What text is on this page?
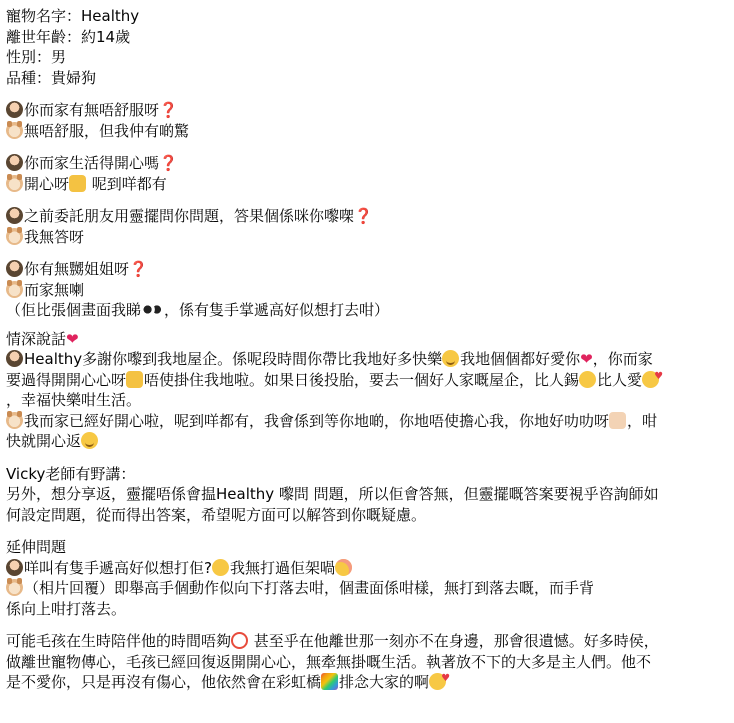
寵物名字：Healthy
離世年齡：約14歲
性別：男
品種：貴婦狗
你而家有無唔舒服呀❓
無唔舒服，但我仲有啲驚
你而家生活得開心嗎❓
開心呀 呢到咩都有
之前委託朋友用靈擺問你問題，答果個係咪你嚟㗎❓
我無答呀
你有無嬲姐姐呀❓
而家無喇
（佢比張個畫面我睇 ，係有隻手掌遞高好似想打去咁）
情深說話❤
Healthy多謝你嚟到我地屋企。係呢段時間你帶比我地好多快樂 我地個個都好愛你❤，你而家
要過得開開心心呀 唔使掛住我地啦。如果日後投胎，要去一個好人家嘅屋企，比人錫 比人愛♥
，幸福快樂咁生活。
我而家已經好開心啦，呢到咩都有，我會係到等你地啲，你地唔使擔心我，你地好叻叻呀 ，咁
快就開心返
Vicky老師有野講：
另外，想分享返，靈擺唔係會揾Healthy 嚟問 問題，所以佢會答無，但靈擺嘅答案要視乎咨詢師如
何設定問題，從而得出答案，希望呢方面可以解答到你嘅疑慮。
延伸問題
咩叫有隻手遞高好似想打佢? 我無打過佢架喎
（相片回覆）即舉高手個動作似向下打落去咁，個畫面係咁樣，無打到落去嘅，而手背
係向上咁打落去。
可能毛孩在生時陪伴他的時間唔夠 甚至乎在他離世那一刻亦不在身邊，那會很遺憾。好多時侯，
做離世寵物傳心，毛孩已經回復返開開心心，無牽無掛嘅生活。執著放不下的大多是主人們。他不
是不愛你，只是再沒有傷心，他依然會在彩虹橋 排念大家的啊♥
